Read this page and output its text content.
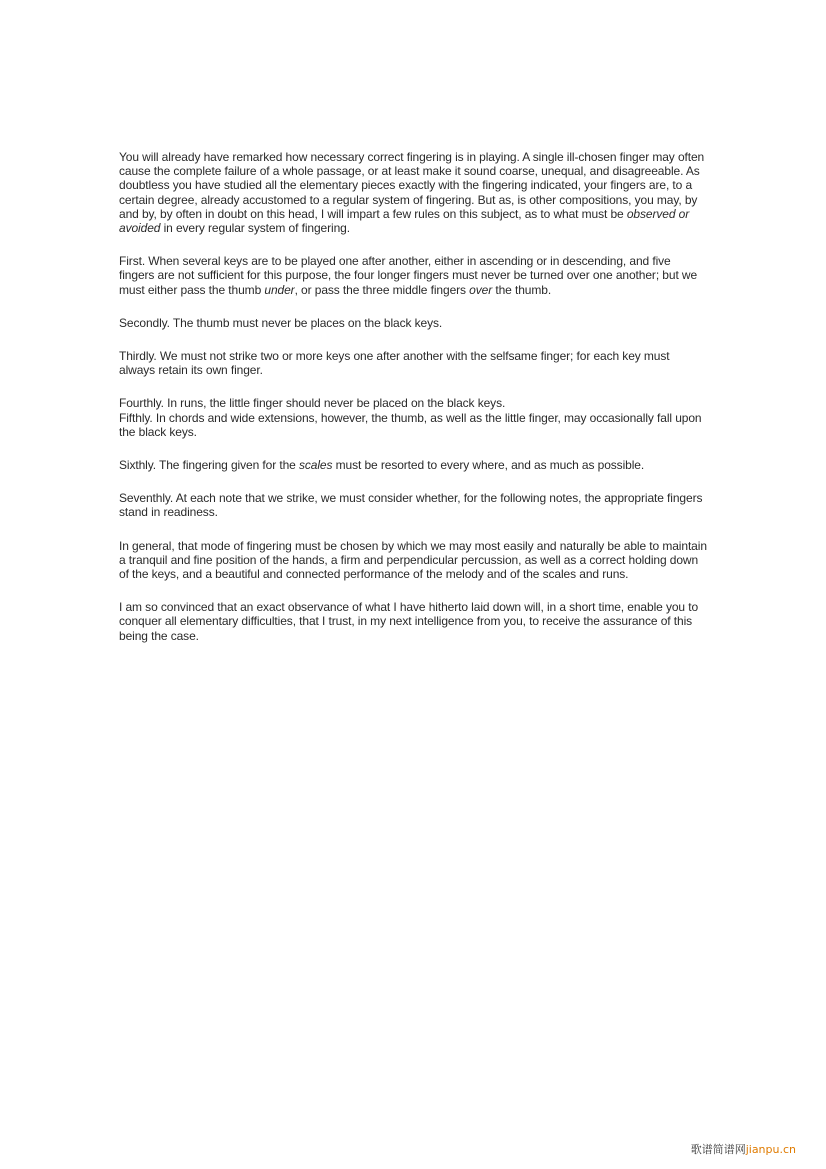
You will already have remarked how necessary correct fingering is in playing. A single ill-chosen finger may often cause the complete failure of a whole passage, or at least make it sound coarse, unequal, and disagreeable. As doubtless you have studied all the elementary pieces exactly with the fingering indicated, your fingers are, to a certain degree, already accustomed to a regular system of fingering. But as, is other compositions, you may, by and by, by often in doubt on this head, I will impart a few rules on this subject, as to what must be observed or avoided in every regular system of fingering.

First. When several keys are to be played one after another, either in ascending or in descending, and five fingers are not sufficient for this purpose, the four longer fingers must never be turned over one another; but we must either pass the thumb under, or pass the three middle fingers over the thumb.

Secondly. The thumb must never be places on the black keys.

Thirdly. We must not strike two or more keys one after another with the selfsame finger; for each key must always retain its own finger.

Fourthly. In runs, the little finger should never be placed on the black keys.

Fifthly. In chords and wide extensions, however, the thumb, as well as the little finger, may occasionally fall upon the black keys.

Sixthly. The fingering given for the scales must be resorted to every where, and as much as possible.

Seventhly. At each note that we strike, we must consider whether, for the following notes, the appropriate fingers stand in readiness.

In general, that mode of fingering must be chosen by which we may most easily and naturally be able to maintain a tranquil and fine position of the hands, a firm and perpendicular percussion, as well as a correct holding down of the keys, and a beautiful and connected performance of the melody and of the scales and runs.

I am so convinced that an exact observance of what I have hitherto laid down will, in a short time, enable you to conquer all elementary difficulties, that I trust, in my next intelligence from you, to receive the assurance of this being the case.

歌谱简谱网jianpu.cn
